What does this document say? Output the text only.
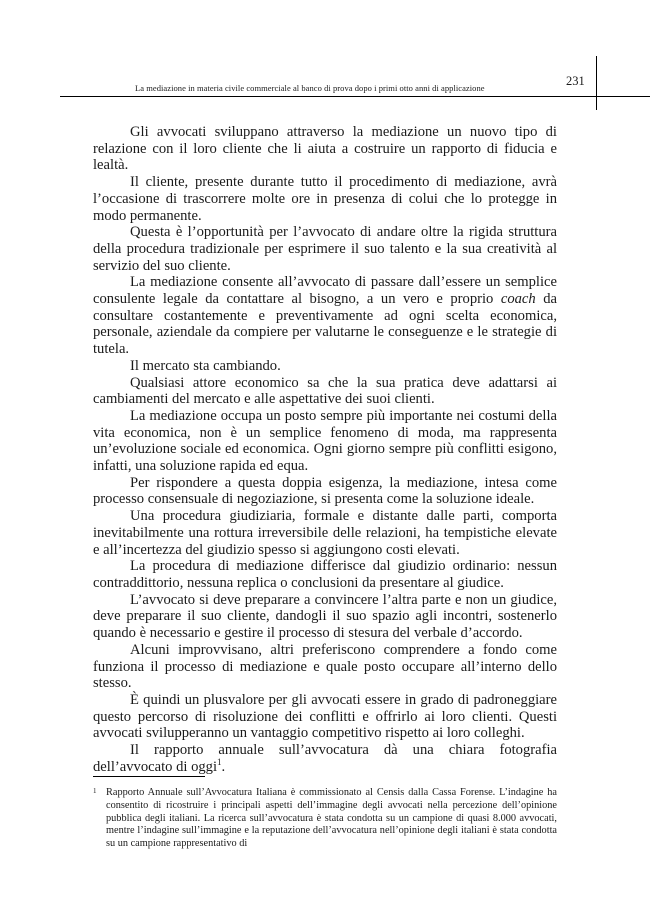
La mediazione in materia civile commerciale al banco di prova dopo i primi otto anni di applicazione	231

Gli avvocati sviluppano attraverso la mediazione un nuovo tipo di relazione con il loro cliente che li aiuta a costruire un rapporto di fiducia e lealtà.

Il cliente, presente durante tutto il procedimento di mediazione, avrà l’occasione di trascorrere molte ore in presenza di colui che lo protegge in modo permanente.

Questa è l’opportunità per l’avvocato di andare oltre la rigida struttura della procedura tradizionale per esprimere il suo talento e la sua creatività al servizio del suo cliente.

La mediazione consente all’avvocato di passare dall’essere un semplice consulente legale da contattare al bisogno, a un vero e proprio coach da consultare costantemente e preventivamente ad ogni scelta economica, personale, aziendale da compiere per valutarne le conseguenze e le strategie di tutela.

Il mercato sta cambiando.

Qualsiasi attore economico sa che la sua pratica deve adattarsi ai cambiamenti del mercato e alle aspettative dei suoi clienti.

La mediazione occupa un posto sempre più importante nei costumi della vita economica, non è un semplice fenomeno di moda, ma rappresenta un’evoluzione sociale ed economica. Ogni giorno sempre più conflitti esigono, infatti, una soluzione rapida ed equa.

Per rispondere a questa doppia esigenza, la mediazione, intesa come processo consensuale di negoziazione, si presenta come la soluzione ideale.

Una procedura giudiziaria, formale e distante dalle parti, comporta inevitabilmente una rottura irreversibile delle relazioni, ha tempistiche elevate e all’incertezza del giudizio spesso si aggiungono costi elevati.

La procedura di mediazione differisce dal giudizio ordinario: nessun contraddittorio, nessuna replica o conclusioni da presentare al giudice.

L’avvocato si deve preparare a convincere l’altra parte e non un giudice, deve preparare il suo cliente, dandogli il suo spazio agli incontri, sostenerlo quando è necessario e gestire il processo di stesura del verbale d’accordo.

Alcuni improvvisano, altri preferiscono comprendere a fondo come funziona il processo di mediazione e quale posto occupare all’interno dello stesso.

È quindi un plusvalore per gli avvocati essere in grado di padroneggiare questo percorso di risoluzione dei conflitti e offrirlo ai loro clienti. Questi avvocati svilupperanno un vantaggio competitivo rispetto ai loro colleghi.

Il rapporto annuale sull’avvocatura dà una chiara fotografia dell’avvocato di oggi$^1$.

1 Rapporto Annuale sull’Avvocatura Italiana è commissionato al Censis dalla Cassa Forense. L’indagine ha consentito di ricostruire i principali aspetti dell’immagine degli avvocati nella percezione dell’opinione pubblica degli italiani. La ricerca sull’avvocatura è stata condotta su un campione di quasi 8.000 avvocati, mentre l’indagine sull’immagine e la reputazione dell’avvocatura nell’opinione degli italiani è stata condotta su un campione rappresentativo di
